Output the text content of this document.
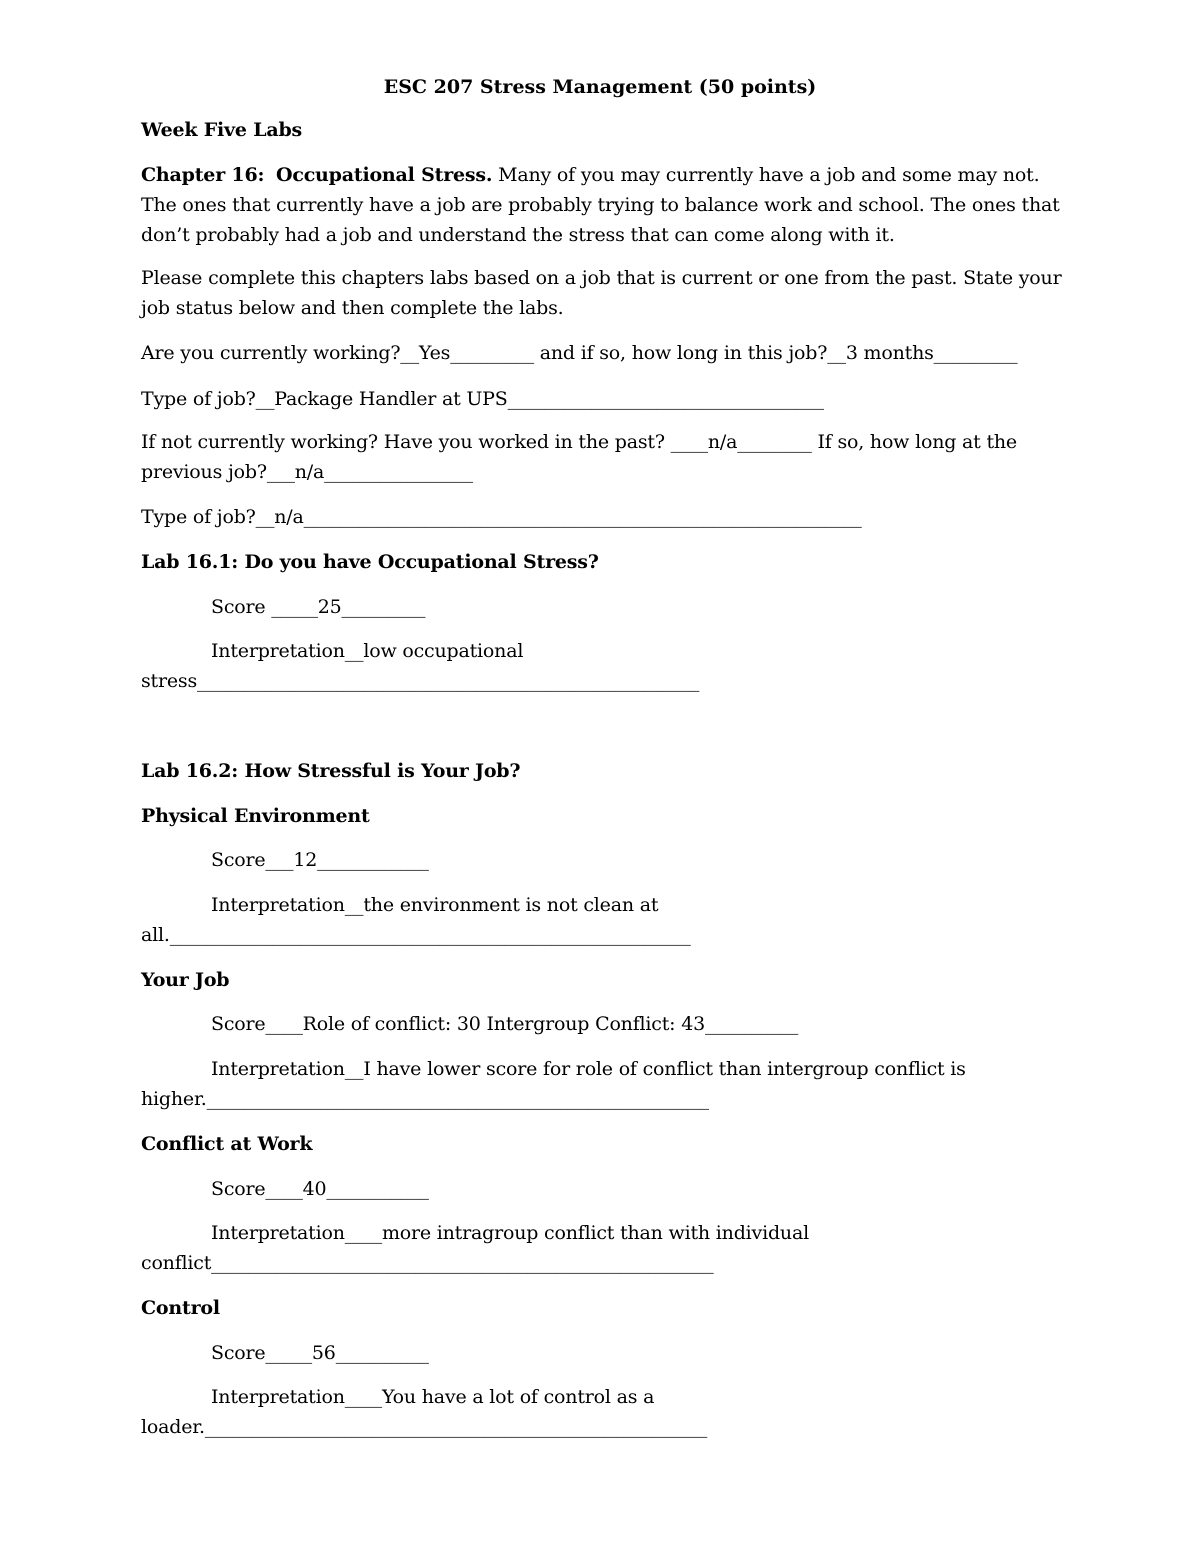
ESC 207 Stress Management (50 points)
Week Five Labs
Chapter 16: Occupational Stress. Many of you may currently have a job and some may not.
The ones that currently have a job are probably trying to balance work and school. The ones that
don’t probably had a job and understand the stress that can come along with it.
Please complete this chapters labs based on a job that is current or one from the past. State your
job status below and then complete the labs.
Are you currently working?__Yes_________ and if so, how long in this job?__3 months_________
Type of job?__Package Handler at UPS__________________________________
If not currently working? Have you worked in the past? ____n/a________ If so, how long at the
previous job?___n/a________________
Type of job?__n/a____________________________________________________________
Lab 16.1: Do you have Occupational Stress?
Score _____25_________
Interpretation__low occupational
stress______________________________________________________
Lab 16.2: How Stressful is Your Job?
Physical Environment
Score___12____________
Interpretation__the environment is not clean at
all.________________________________________________________
Your Job
Score____Role of conflict: 30 Intergroup Conflict: 43__________
Interpretation__I have lower score for role of conflict than intergroup conflict is
higher.______________________________________________________
Conflict at Work
Score____40___________
Interpretation____more intragroup conflict than with individual
conflict______________________________________________________
Control
Score_____56__________
Interpretation____You have a lot of control as a
loader.______________________________________________________
